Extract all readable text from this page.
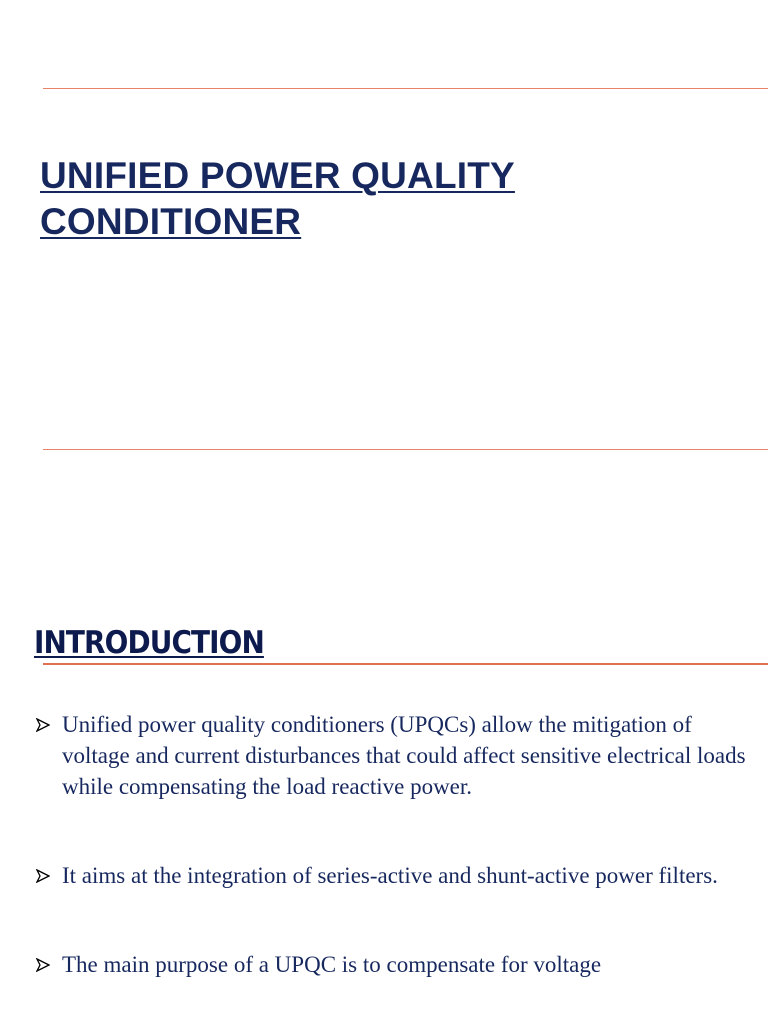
UNIFIED POWER QUALITY CONDITIONER
INTRODUCTION
Unified power quality conditioners (UPQCs) allow the mitigation of voltage and current disturbances that could affect sensitive electrical loads while compensating the load reactive power.
It aims at the integration of series-active and shunt-active power filters.
The main purpose of a UPQC is to compensate for voltage
